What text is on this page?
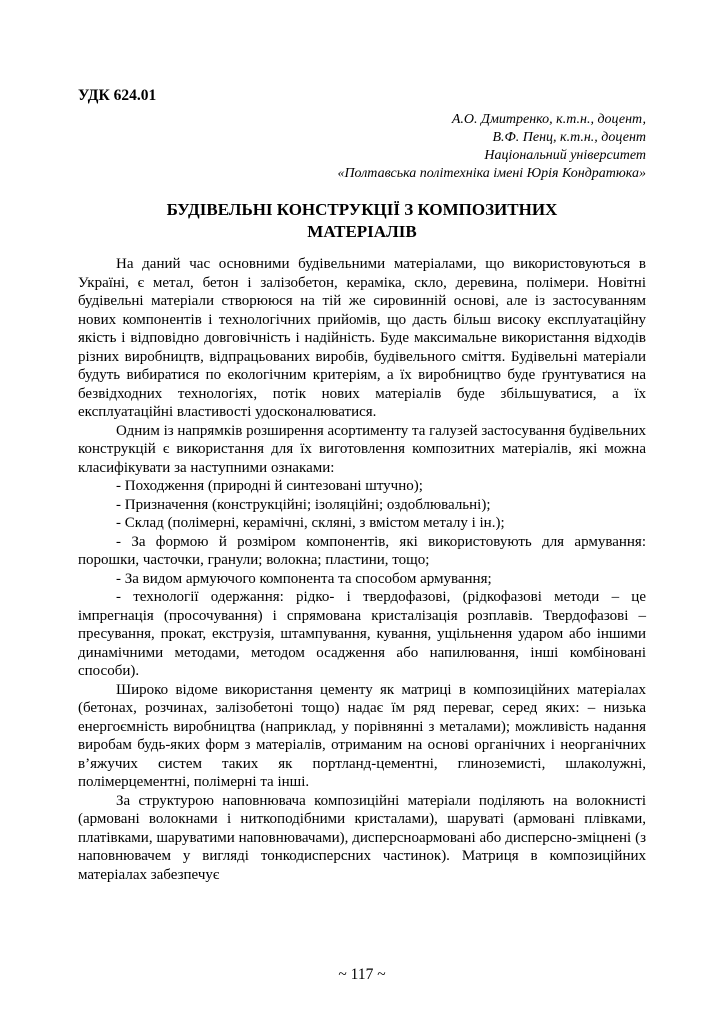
УДК 624.01

А.О. Дмитренко, к.т.н., доцент,
В.Ф. Пенц, к.т.н., доцент
Національний університет
«Полтавська політехніка імені Юрія Кондратюка»
БУДІВЕЛЬНІ КОНСТРУКЦІЇ З КОМПОЗИТНИХ
МАТЕРІАЛІВ

На даний час основними будівельними матеріалами, що використовуються в Україні, є метал, бетон і залізобетон, кераміка, скло, деревина, полімери. Новітні будівельні матеріали створююся на тій же сировинній основі, але із застосуванням нових компонентів і технологічних прийомів, що дасть більш високу експлуатаційну якість і відповідно довговічність і надійність. Буде максимальне використання відходів різних виробництв, відпрацьованих виробів, будівельного сміття. Будівельні матеріали будуть вибиратися по екологічним критеріям, а їх виробництво буде ґрунтуватися на безвідходних технологіях, потік нових матеріалів буде збільшуватися, а їх експлуатаційні властивості удосконалюватися.

Одним із напрямків розширення асортименту та галузей застосування будівельних конструкцій є використання для їх виготовлення композитних матеріалів, які можна класифікувати за наступними ознаками:

- Походження (природні й синтезовані штучно);

- Призначення (конструкційні; ізоляційні; оздоблювальні);

- Склад (полімерні, керамічні, скляні, з вмістом металу і ін.);

- За формою й розміром компонентів, які використовують для армування: порошки, часточки, гранули; волокна; пластини, тощо;

- За видом армуючого компонента та способом армування;

- технології одержання: рідко- і твердофазові, (рідкофазові методи – це імпрегнація (просочування) і спрямована кристалізація розплавів. Твердофазові – пресування, прокат, екструзія, штампування, кування, ущільнення ударом або іншими динамічними методами, методом осадження або напилювання, інші комбіновані способи).

Широко відоме використання цементу як матриці в композиційних матеріалах (бетонах, розчинах, залізобетоні тощо) надає їм ряд переваг, серед яких: – низька енергоємність виробництва (наприклад, у порівнянні з металами); можливість надання виробам будь-яких форм з матеріалів, отриманим на основі органічних і неорганічних в’яжучих систем таких як портланд-цементні, глиноземисті, шлаколужні, полімерцементні, полімерні та інші.

За структурою наповнювача композиційні матеріали поділяють на волокнисті (армовані волокнами і ниткоподібними кристалами), шаруваті (армовані плівками, платівками, шаруватими наповнювачами), дисперсноармовані або дисперсно-зміцнені (з наповнювачем у вигляді тонкодисперсних частинок). Матриця в композиційних матеріалах забезпечує

~ 117 ~
